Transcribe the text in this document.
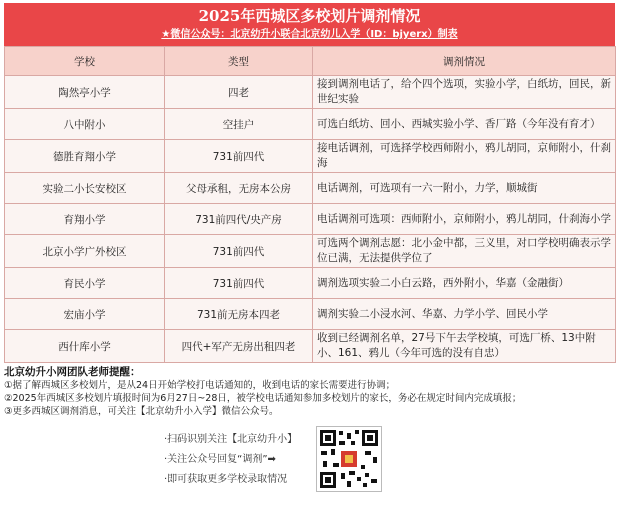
2025年西城区多校划片调剂情况
★微信公众号：北京幼升小联合北京幼儿入学（ID：bjyerx）制表
学校	类型	调剂情况
陶然亭小学	四老	接到调剂电话了，给个四个选项，实验小学，白纸坊，回民，新世纪实验
八中附小	空挂户	可选白纸坊、回小、西城实验小学、香厂路（今年没有育才）
德胜育翔小学	731前四代	接电话调剂，可选择学校西师附小，鸦儿胡同，京师附小，什刹海
实验二小长安校区	父母承租，无房本公房	电话调剂，可选项有一六一附小，力学，顺城街
育翔小学	731前四代/央产房	电话调剂可选项：西师附小，京师附小，鸦儿胡同，什刹海小学
北京小学广外校区	731前四代	可选两个调剂志愿：北小金中都，三义里，对口学校明确表示学位已满，无法提供学位了
育民小学	731前四代	调剂选项实验二小白云路，西外附小，华嘉（金融街）
宏庙小学	731前无房本四老	调剂实验二小浸水河、华嘉、力学小学、回民小学
西什库小学	四代+军产无房出租四老	收到已经调剂名单，27号下午去学校填，可选厂桥、13中附小、161、鸦儿（今年可选的没有自忠）
北京幼升小网团队老师提醒：
①据了解西城区多校划片，是从24日开始学校打电话通知的，收到电话的家长需要进行协调；
②2025年西城区多校划片填报时间为6月27日~28日，被学校电话通知参加多校划片的家长，务必在规定时间内完成填报；
③更多西城区调剂消息，可关注【北京幼升小入学】微信公众号。
·扫码识别关注【北京幼升小】
·关注公众号回复“调剂”➡
·即可获取更多学校录取情况
